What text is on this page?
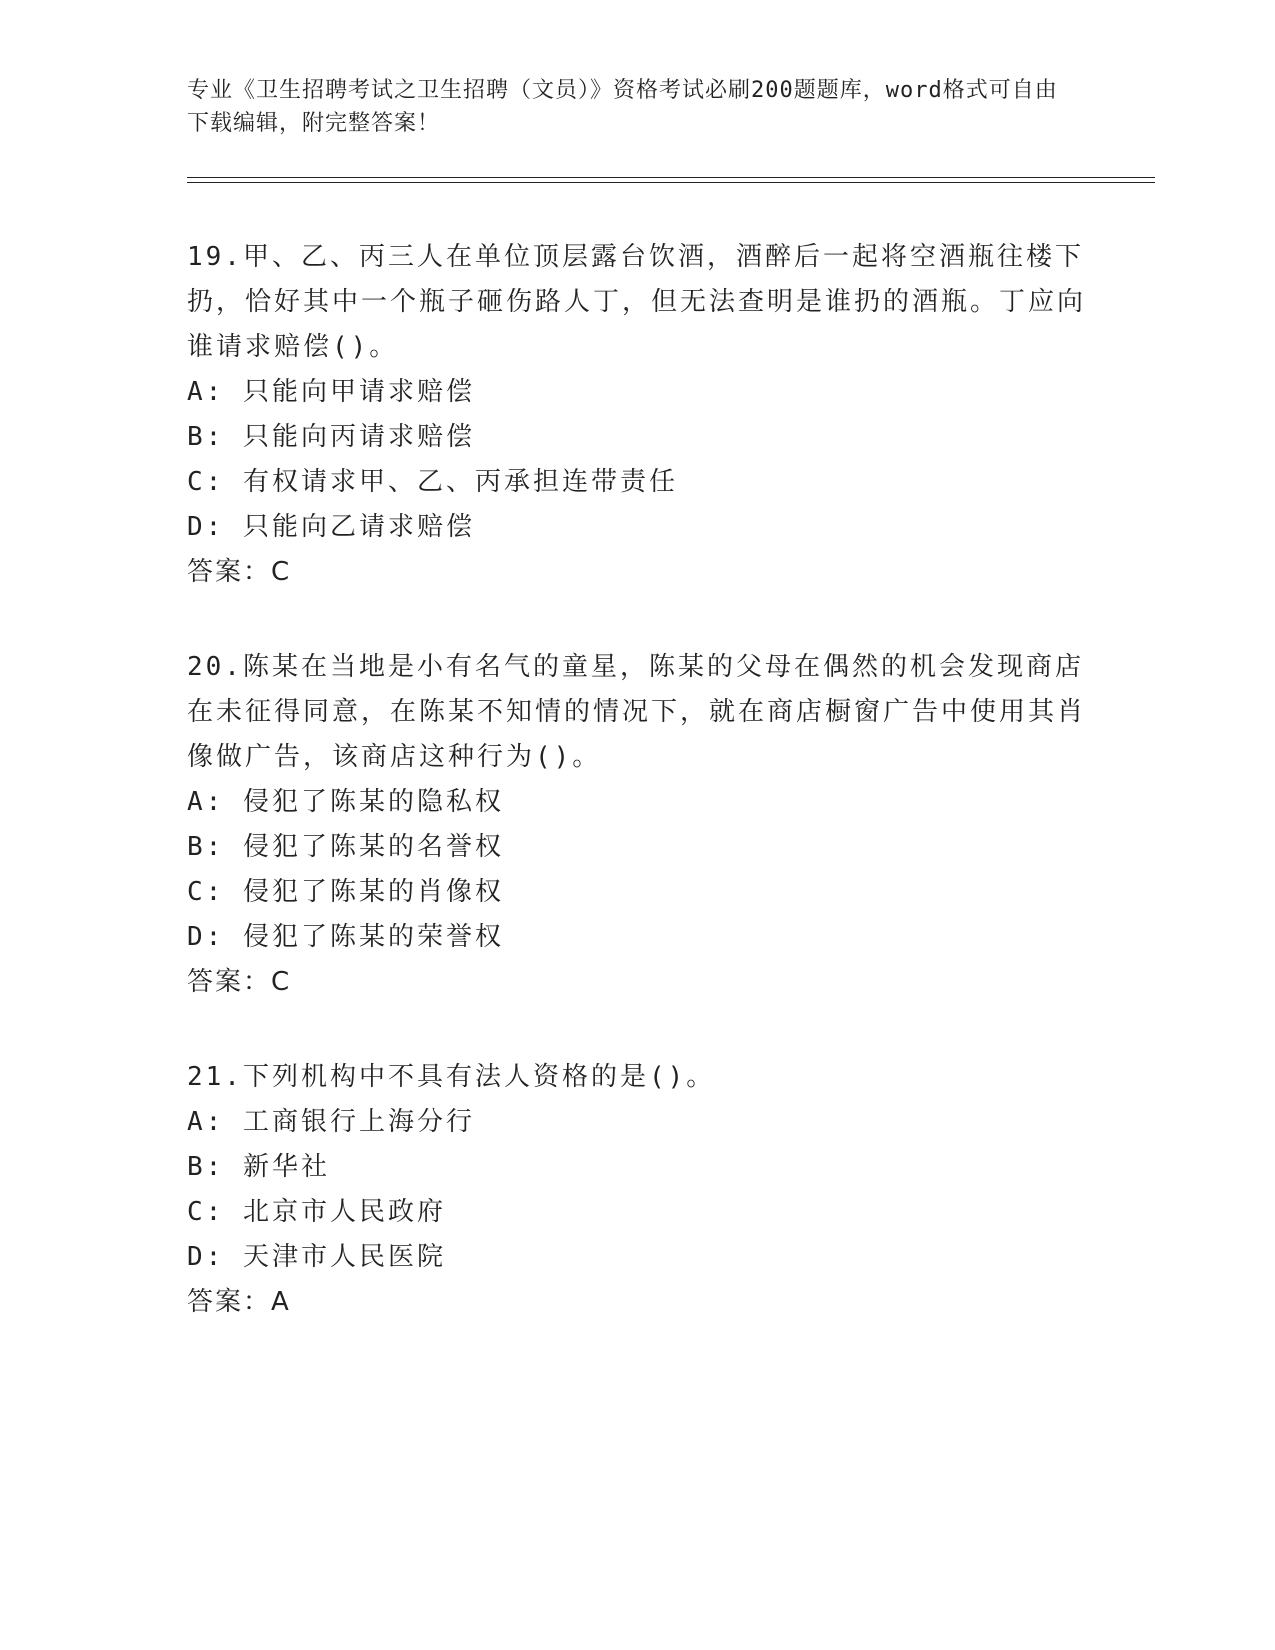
专业《卫生招聘考试之卫生招聘（文员）》资格考试必刷200题题库，word格式可自由下载编辑，附完整答案！
19.甲、乙、丙三人在单位顶层露台饮酒，酒醉后一起将空酒瓶往楼下扔，恰好其中一个瓶子砸伤路人丁，但无法查明是谁扔的酒瓶。丁应向谁请求赔偿()。
A: 只能向甲请求赔偿
B: 只能向丙请求赔偿
C: 有权请求甲、乙、丙承担连带责任
D: 只能向乙请求赔偿
答案：C
20.陈某在当地是小有名气的童星，陈某的父母在偶然的机会发现商店在未征得同意，在陈某不知情的情况下，就在商店橱窗广告中使用其肖像做广告，该商店这种行为()。
A: 侵犯了陈某的隐私权
B: 侵犯了陈某的名誉权
C: 侵犯了陈某的肖像权
D: 侵犯了陈某的荣誉权
答案：C
21.下列机构中不具有法人资格的是()。
A: 工商银行上海分行
B: 新华社
C: 北京市人民政府
D: 天津市人民医院
答案：A
